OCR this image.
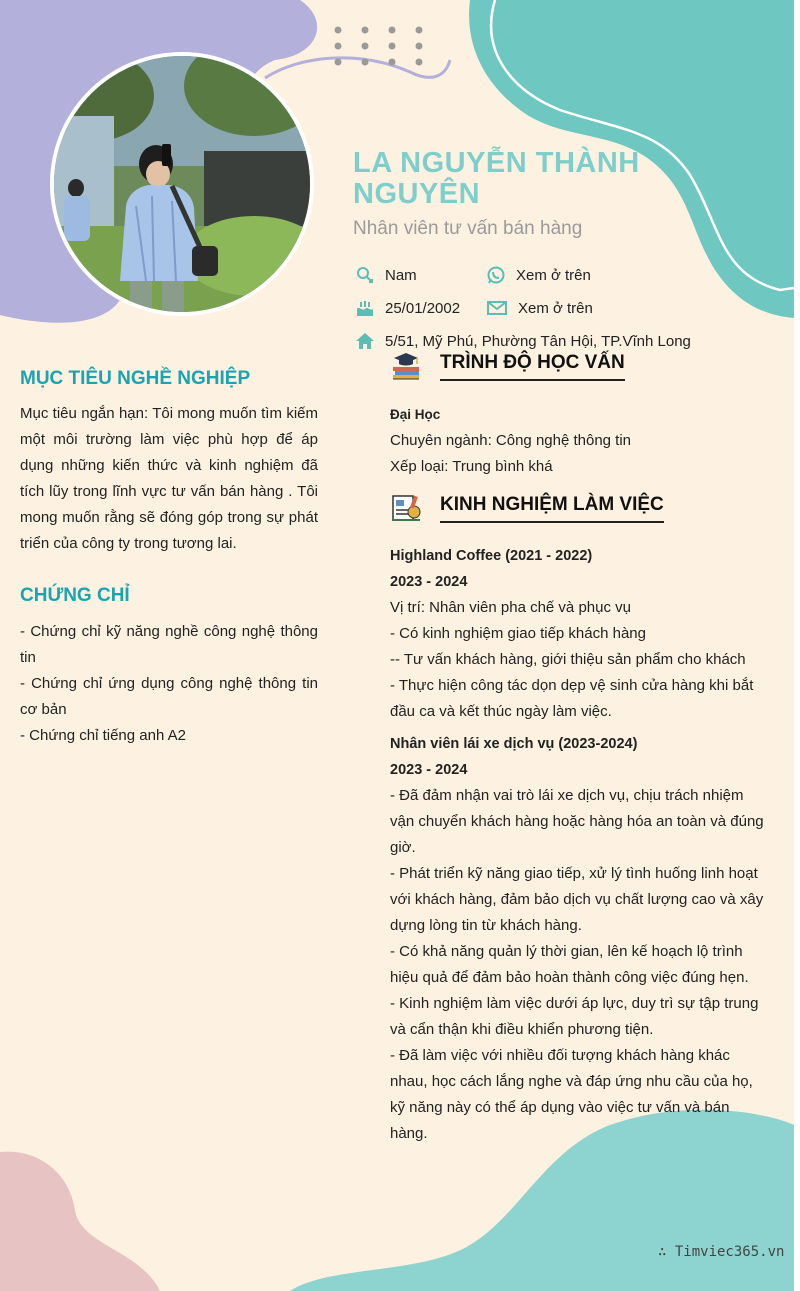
LA NGUYỄN THÀNH NGUYÊN
Nhân viên tư vấn bán hàng
Nam	Xem ở trên
25/01/2002	Xem ở trên
5/51, Mỹ Phú, Phường Tân Hội, TP.Vĩnh Long
MỤC TIÊU NGHỀ NGHIỆP
Mục tiêu ngắn hạn: Tôi mong muốn tìm kiếm một môi trường làm việc phù hợp để áp dụng những kiến thức và kinh nghiệm đã tích lũy trong lĩnh vực tư vấn bán hàng . Tôi mong muốn rằng sẽ đóng góp trong sự phát triển của công ty trong tương lai.
CHỨNG CHỈ
- Chứng chỉ kỹ năng nghề công nghệ thông tin
- Chứng chỉ ứng dụng công nghệ thông tin cơ bản
- Chứng chỉ tiếng anh A2
TRÌNH ĐỘ HỌC VẤN
Đại Học
Chuyên ngành: Công nghệ thông tin
Xếp loại: Trung bình khá
KINH NGHIỆM LÀM VIỆC
Highland Coffee (2021 - 2022)
2023 - 2024
Vị trí: Nhân viên pha chế và phục vụ
- Có kinh nghiệm giao tiếp khách hàng
-- Tư vấn khách hàng, giới thiệu sản phẩm cho khách
- Thực hiện công tác dọn dẹp vệ sinh cửa hàng khi bắt đầu ca và kết thúc ngày làm việc.
Nhân viên lái xe dịch vụ (2023-2024)
2023 - 2024
- Đã đảm nhận vai trò lái xe dịch vụ, chịu trách nhiệm vận chuyển khách hàng hoặc hàng hóa an toàn và đúng giờ.
- Phát triển kỹ năng giao tiếp, xử lý tình huống linh hoạt với khách hàng, đảm bảo dịch vụ chất lượng cao và xây dựng lòng tin từ khách hàng.
- Có khả năng quản lý thời gian, lên kế hoạch lộ trình hiệu quả để đảm bảo hoàn thành công việc đúng hẹn.
- Kinh nghiệm làm việc dưới áp lực, duy trì sự tập trung và cẩn thận khi điều khiển phương tiện.
- Đã làm việc với nhiều đối tượng khách hàng khác nhau, học cách lắng nghe và đáp ứng nhu cầu của họ, kỹ năng này có thể áp dụng vào việc tư vấn và bán hàng.
∴ Timviec365.vn
